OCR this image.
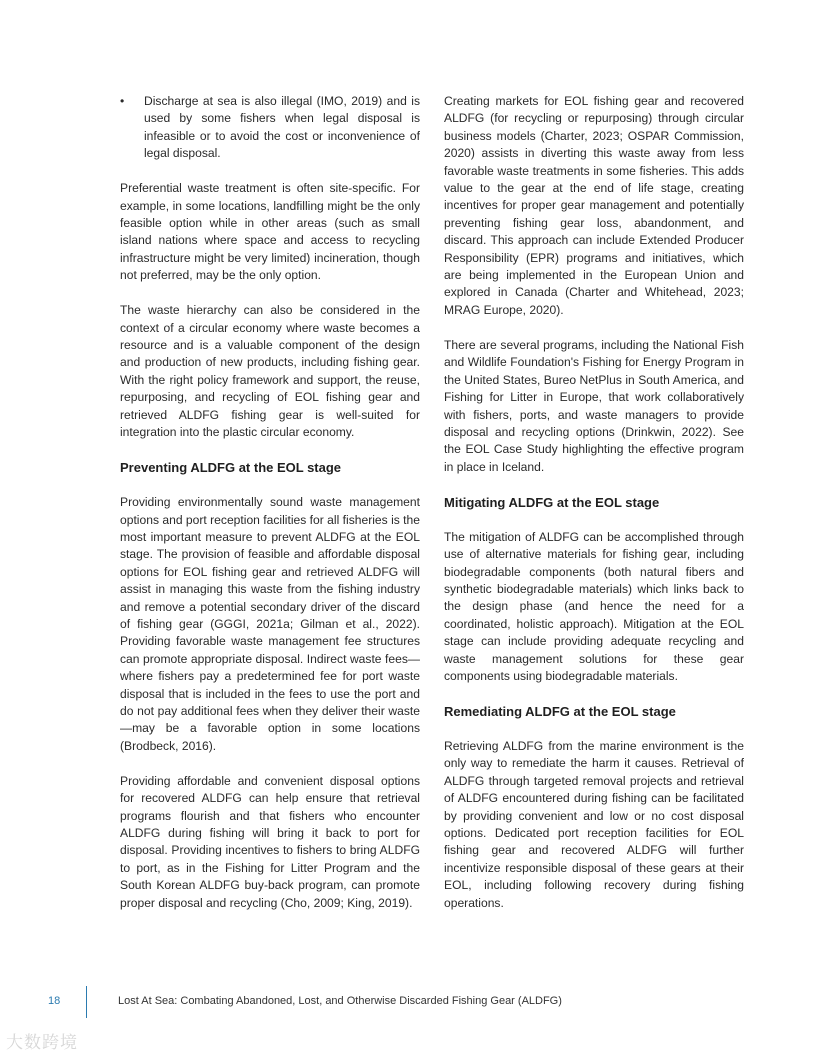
• Discharge at sea is also illegal (IMO, 2019) and is used by some fishers when legal disposal is infeasible or to avoid the cost or inconvenience of legal disposal.

Preferential waste treatment is often site-specific. For example, in some locations, landfilling might be the only feasible option while in other areas (such as small island nations where space and access to recycling infrastructure might be very limited) incineration, though not preferred, may be the only option.

The waste hierarchy can also be considered in the context of a circular economy where waste becomes a resource and is a valuable component of the design and production of new products, including fishing gear. With the right policy framework and support, the reuse, repurposing, and recycling of EOL fishing gear and retrieved ALDFG fishing gear is well-suited for integration into the plastic circular economy.

Preventing ALDFG at the EOL stage

Providing environmentally sound waste management options and port reception facilities for all fisheries is the most important measure to prevent ALDFG at the EOL stage. The provision of feasible and affordable disposal options for EOL fishing gear and retrieved ALDFG will assist in managing this waste from the fishing industry and remove a potential secondary driver of the discard of fishing gear (GGGI, 2021a; Gilman et al., 2022). Providing favorable waste management fee structures can promote appropriate disposal. Indirect waste fees—where fishers pay a predetermined fee for port waste disposal that is included in the fees to use the port and do not pay additional fees when they deliver their waste—may be a favorable option in some locations (Brodbeck, 2016).

Providing affordable and convenient disposal options for recovered ALDFG can help ensure that retrieval programs flourish and that fishers who encounter ALDFG during fishing will bring it back to port for disposal. Providing incentives to fishers to bring ALDFG to port, as in the Fishing for Litter Program and the South Korean ALDFG buy-back program, can promote proper disposal and recycling (Cho, 2009; King, 2019).

Creating markets for EOL fishing gear and recovered ALDFG (for recycling or repurposing) through circular business models (Charter, 2023; OSPAR Commission, 2020) assists in diverting this waste away from less favorable waste treatments in some fisheries. This adds value to the gear at the end of life stage, creating incentives for proper gear management and potentially preventing fishing gear loss, abandonment, and discard. This approach can include Extended Producer Responsibility (EPR) programs and initiatives, which are being implemented in the European Union and explored in Canada (Charter and Whitehead, 2023; MRAG Europe, 2020).

There are several programs, including the National Fish and Wildlife Foundation's Fishing for Energy Program in the United States, Bureo NetPlus in South America, and Fishing for Litter in Europe, that work collaboratively with fishers, ports, and waste managers to provide disposal and recycling options (Drinkwin, 2022). See the EOL Case Study highlighting the effective program in place in Iceland.

Mitigating ALDFG at the EOL stage

The mitigation of ALDFG can be accomplished through use of alternative materials for fishing gear, including biodegradable components (both natural fibers and synthetic biodegradable materials) which links back to the design phase (and hence the need for a coordinated, holistic approach). Mitigation at the EOL stage can include providing adequate recycling and waste management solutions for these gear components using biodegradable materials.

Remediating ALDFG at the EOL stage

Retrieving ALDFG from the marine environment is the only way to remediate the harm it causes. Retrieval of ALDFG through targeted removal projects and retrieval of ALDFG encountered during fishing can be facilitated by providing convenient and low or no cost disposal options. Dedicated port reception facilities for EOL fishing gear and recovered ALDFG will further incentivize responsible disposal of these gears at their EOL, including following recovery during fishing operations.

18	Lost At Sea: Combating Abandoned, Lost, and Otherwise Discarded Fishing Gear (ALDFG)
大数跨境
